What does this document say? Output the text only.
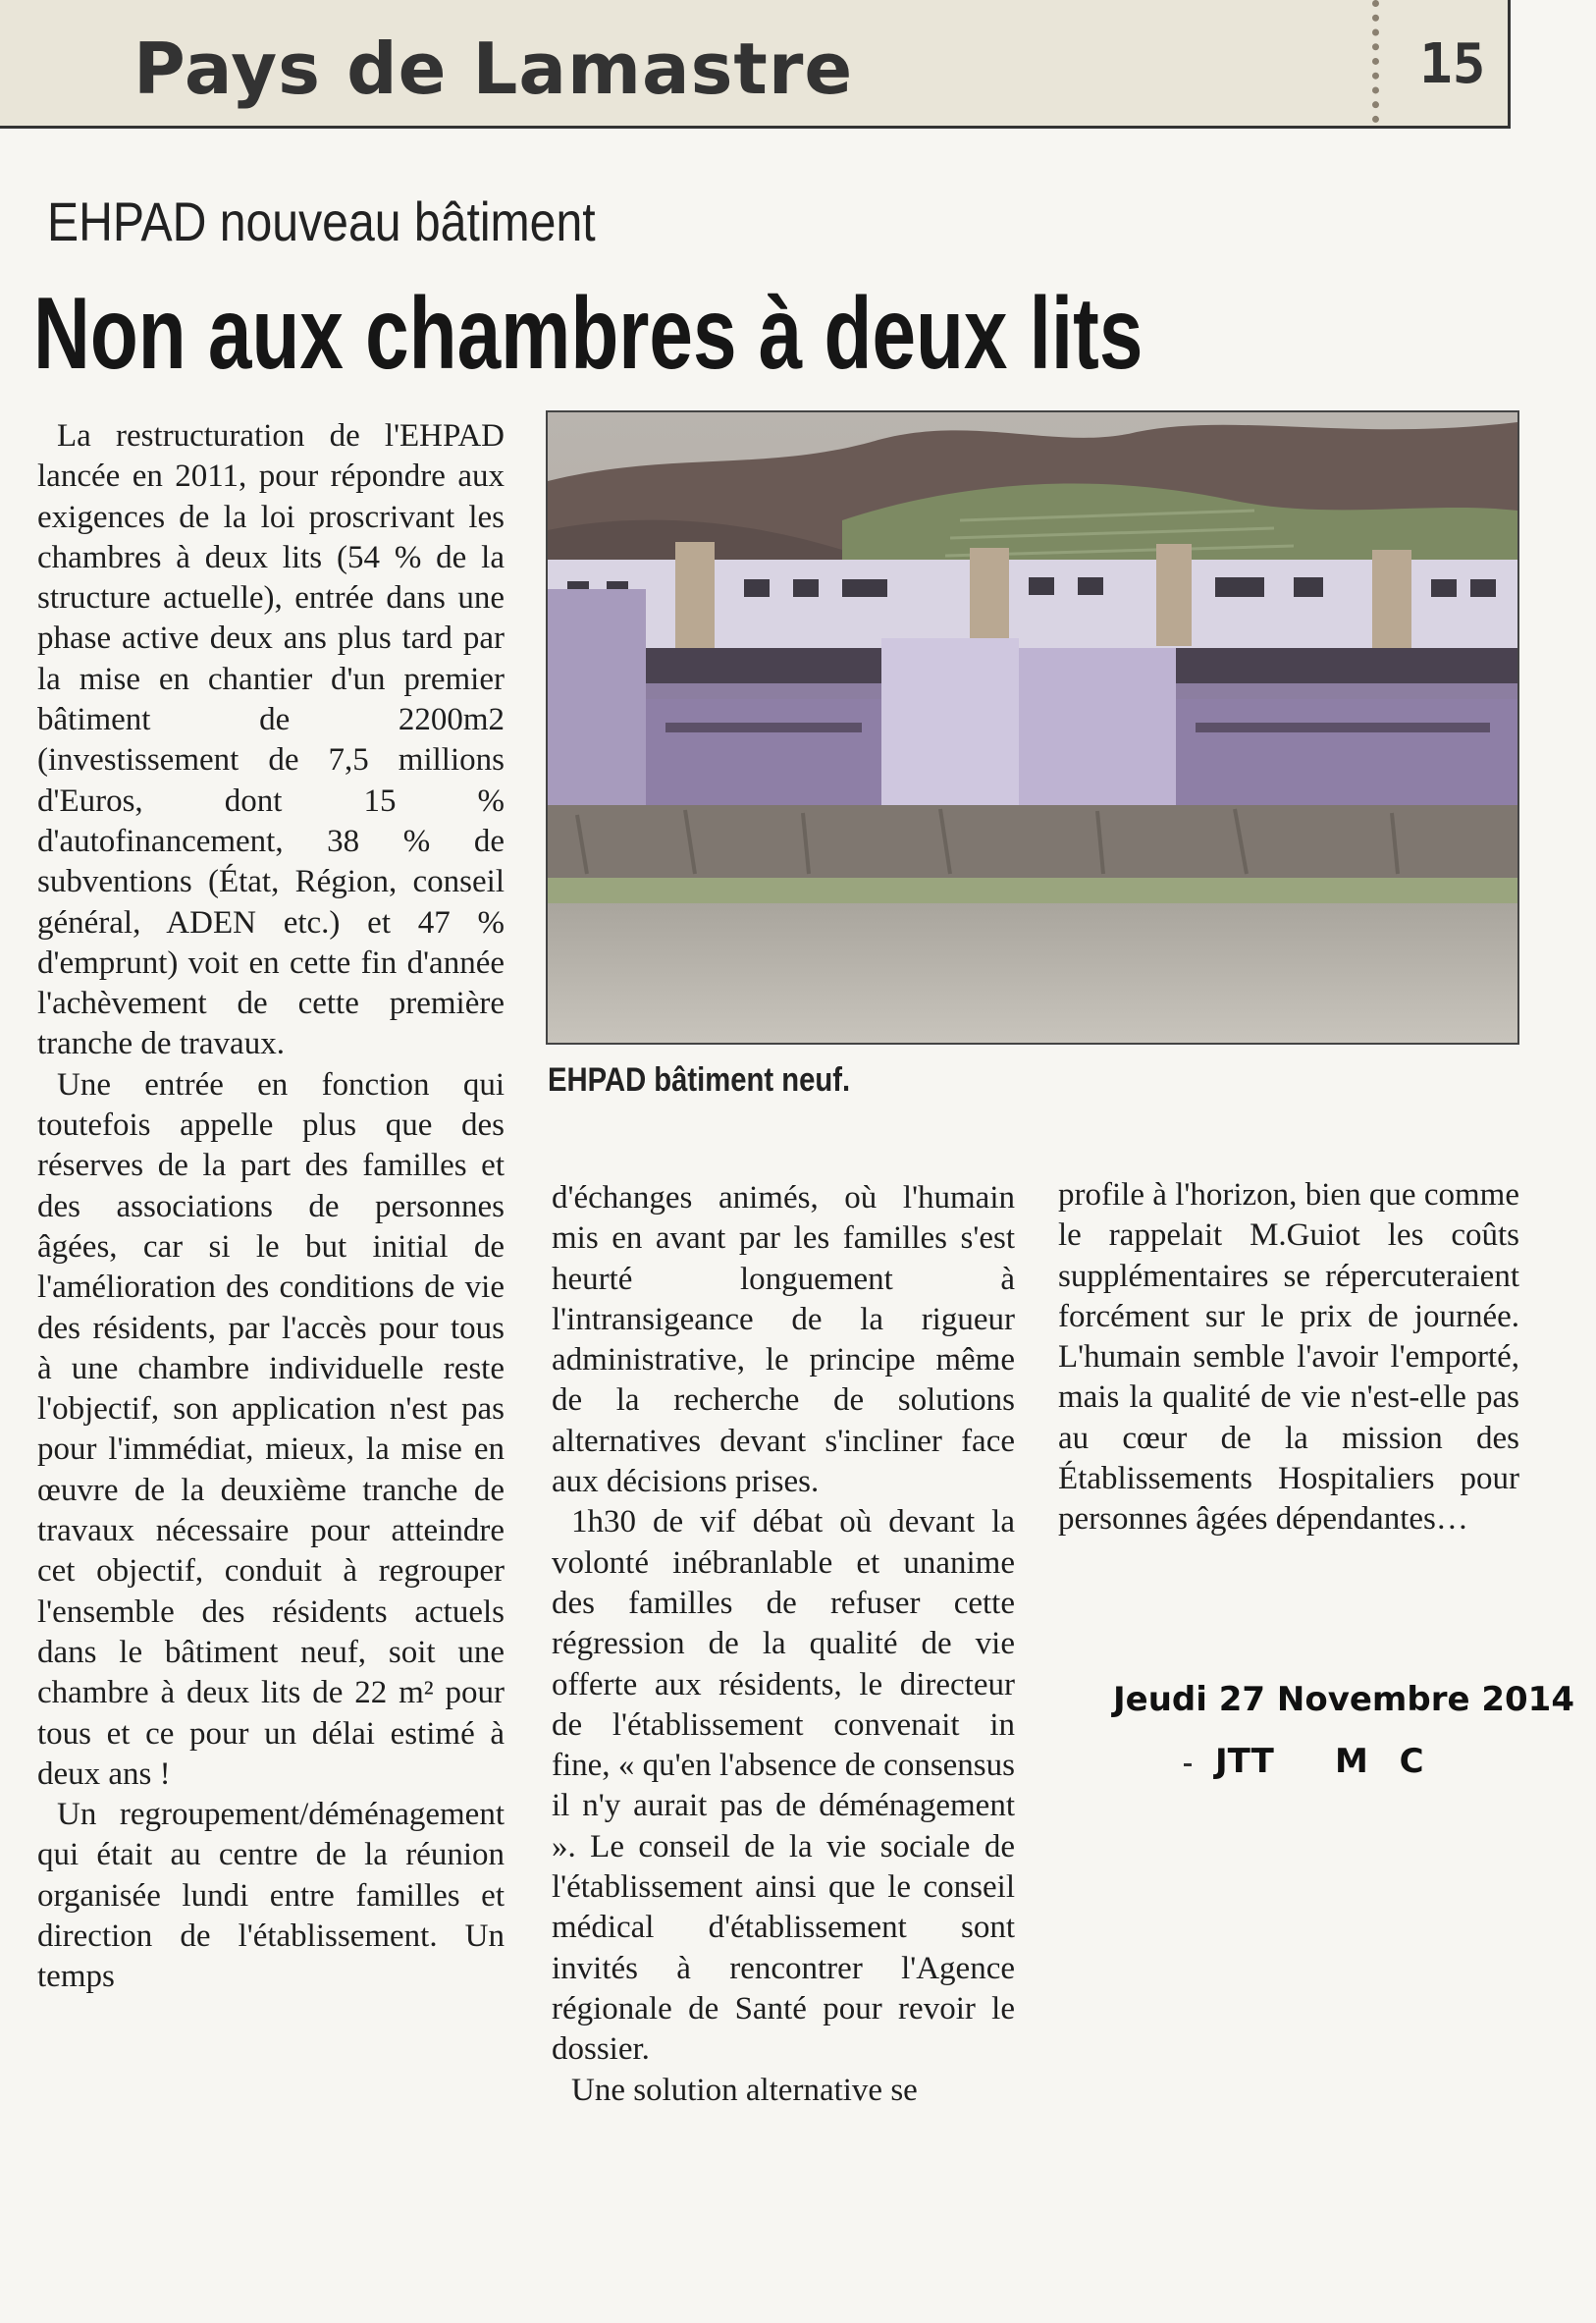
Pays de Lamastre	15
EHPAD nouveau bâtiment
Non aux chambres à deux lits
EHPAD bâtiment neuf.

La restructuration de l'EHPAD lancée en 2011, pour répondre aux exigences de la loi proscrivant les chambres à deux lits (54 % de la structure actuelle), entrée dans une phase active deux ans plus tard par la mise en chantier d'un premier bâtiment de 2200m2 (investissement de 7,5 millions d'Euros, dont 15 % d'autofinancement, 38 % de subventions (État, Région, conseil général, ADEN etc.) et 47 % d'emprunt) voit en cette fin d'année l'achèvement de cette première tranche de travaux.

Une entrée en fonction qui toutefois appelle plus que des réserves de la part des familles et des associations de personnes âgées, car si le but initial de l'amélioration des conditions de vie des résidents, par l'accès pour tous à une chambre individuelle reste l'objectif, son application n'est pas pour l'immédiat, mieux, la mise en œuvre de la deuxième tranche de travaux nécessaire pour atteindre cet objectif, conduit à regrouper l'ensemble des résidents actuels dans le bâtiment neuf, soit une chambre à deux lits de 22 m² pour tous et ce pour un délai estimé à deux ans !

Un regroupement/déménagement qui était au centre de la réunion organisée lundi entre familles et direction de l'établissement. Un temps

d'échanges animés, où l'humain mis en avant par les familles s'est heurté longuement à l'intransigeance de la rigueur administrative, le principe même de la recherche de solutions alternatives devant s'incliner face aux décisions prises.

1h30 de vif débat où devant la volonté inébranlable et unanime des familles de refuser cette régression de la qualité de vie offerte aux résidents, le directeur de l'établissement convenait in fine, « qu'en l'absence de consensus il n'y aurait pas de déménagement ». Le conseil de la vie sociale de l'établissement ainsi que le conseil médical d'établissement sont invités à rencontrer l'Agence régionale de Santé pour revoir le dossier.

Une solution alternative se

profile à l'horizon, bien que comme le rappelait M.Guiot les coûts supplémentaires se répercuteraient forcément sur le prix de journée. L'humain semble l'avoir l'emporté, mais la qualité de vie n'est-elle pas au cœur de la mission des Établissements Hospitaliers pour personnes âgées dépendantes…

Jeudi 27 Novembre 2014
JTT M C
